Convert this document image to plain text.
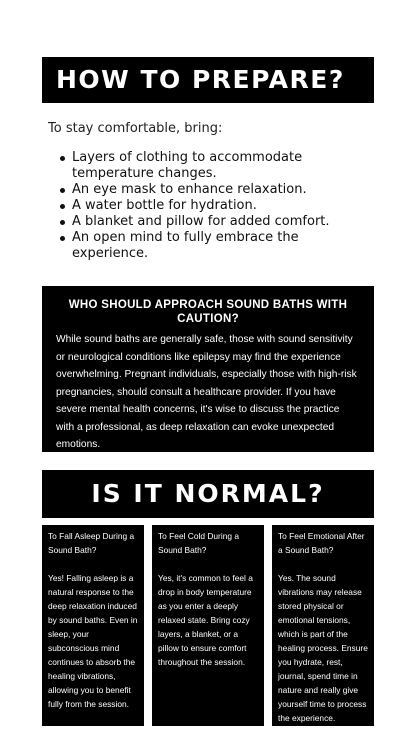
HOW TO PREPARE?
To stay comfortable, bring:
Layers of clothing to accommodate temperature changes.
An eye mask to enhance relaxation.
A water bottle for hydration.
A blanket and pillow for added comfort.
An open mind to fully embrace the experience.

WHO SHOULD APPROACH SOUND BATHS WITH CAUTION?

While sound baths are generally safe, those with sound sensitivity or neurological conditions like epilepsy may find the experience overwhelming. Pregnant individuals, especially those with high-risk pregnancies, should consult a healthcare provider. If you have severe mental health concerns, it's wise to discuss the practice with a professional, as deep relaxation can evoke unexpected emotions.

IS IT NORMAL?

To Fall Asleep During a Sound Bath?

Yes! Falling asleep is a natural response to the deep relaxation induced by sound baths. Even in sleep, your subconscious mind continues to absorb the healing vibrations, allowing you to benefit fully from the session.

To Feel Cold During a Sound Bath?

Yes, it's common to feel a drop in body temperature as you enter a deeply relaxed state. Bring cozy layers, a blanket, or a pillow to ensure comfort throughout the session.

To Feel Emotional After a Sound Bath?

Yes. The sound vibrations may release stored physical or emotional tensions, which is part of the healing process. Ensure you hydrate, rest, journal, spend time in nature and really give yourself time to process the experience.
